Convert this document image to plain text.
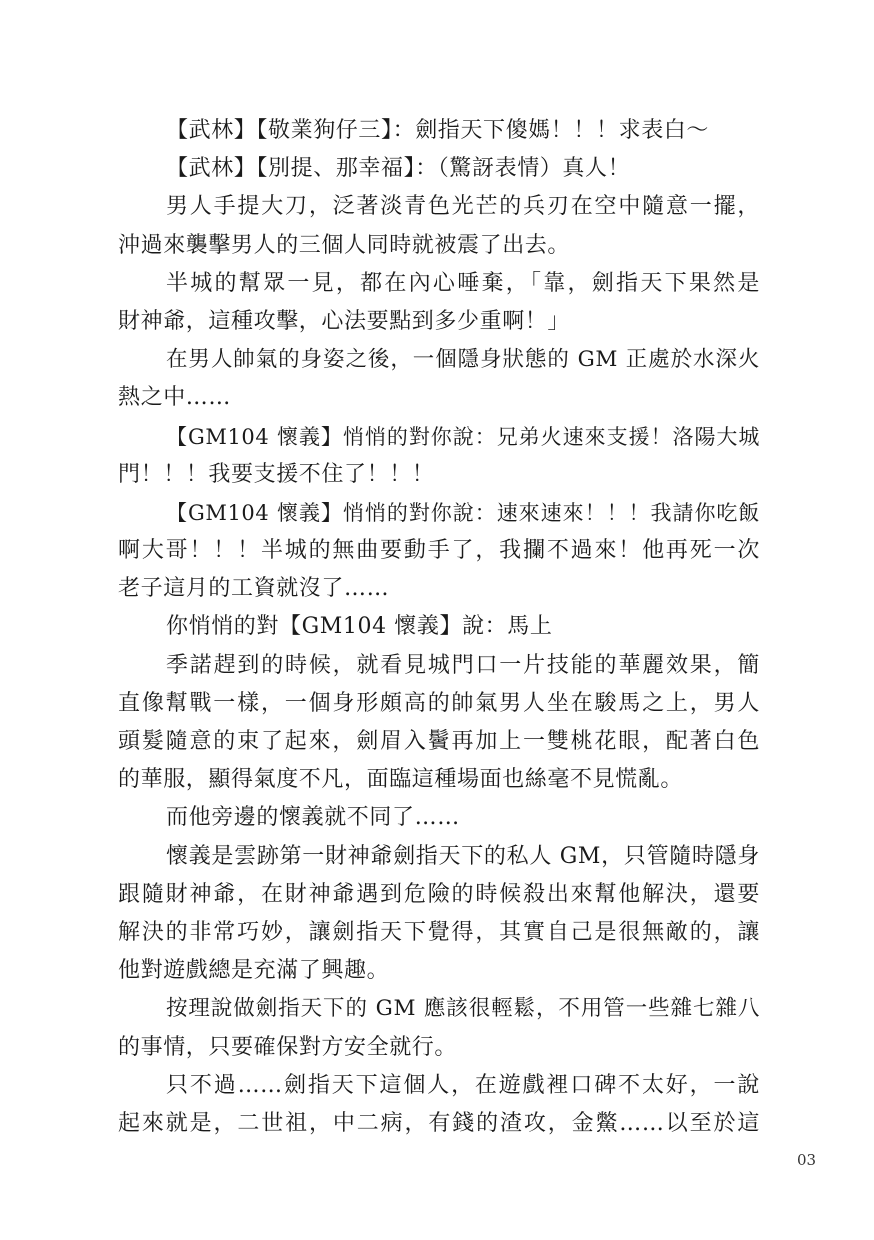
【武林】【敬業狗仔三】：劍指天下傻媽！！！求表白～
【武林】【別提、那幸福】：（驚訝表情）真人！
男人手提大刀，泛著淡青色光芒的兵刃在空中隨意一擺，
沖過來襲擊男人的三個人同時就被震了出去。
半城的幫眾一見，都在內心唾棄，「靠，劍指天下果然是
財神爺，這種攻擊，心法要點到多少重啊！」
在男人帥氣的身姿之後，一個隱身狀態的 GM 正處於水深火
熱之中……
【GM104 懷義】悄悄的對你說：兄弟火速來支援！洛陽大城
門！！！我要支援不住了！！！
【GM104 懷義】悄悄的對你說：速來速來！！！我請你吃飯
啊大哥！！！半城的無曲要動手了，我攔不過來！他再死一次
老子這月的工資就沒了……
你悄悄的對【GM104 懷義】說：馬上
季諾趕到的時候，就看見城門口一片技能的華麗效果，簡
直像幫戰一樣，一個身形頗高的帥氣男人坐在駿馬之上，男人
頭髮隨意的束了起來，劍眉入鬢再加上一雙桃花眼，配著白色
的華服，顯得氣度不凡，面臨這種場面也絲毫不見慌亂。
而他旁邊的懷義就不同了……
懷義是雲跡第一財神爺劍指天下的私人 GM，只管隨時隱身
跟隨財神爺，在財神爺遇到危險的時候殺出來幫他解決，還要
解決的非常巧妙，讓劍指天下覺得，其實自己是很無敵的，讓
他對遊戲總是充滿了興趣。
按理說做劍指天下的 GM 應該很輕鬆，不用管一些雜七雜八
的事情，只要確保對方安全就行。
只不過……劍指天下這個人，在遊戲裡口碑不太好，一說
起來就是，二世祖，中二病，有錢的渣攻，金鱉……以至於這
03
